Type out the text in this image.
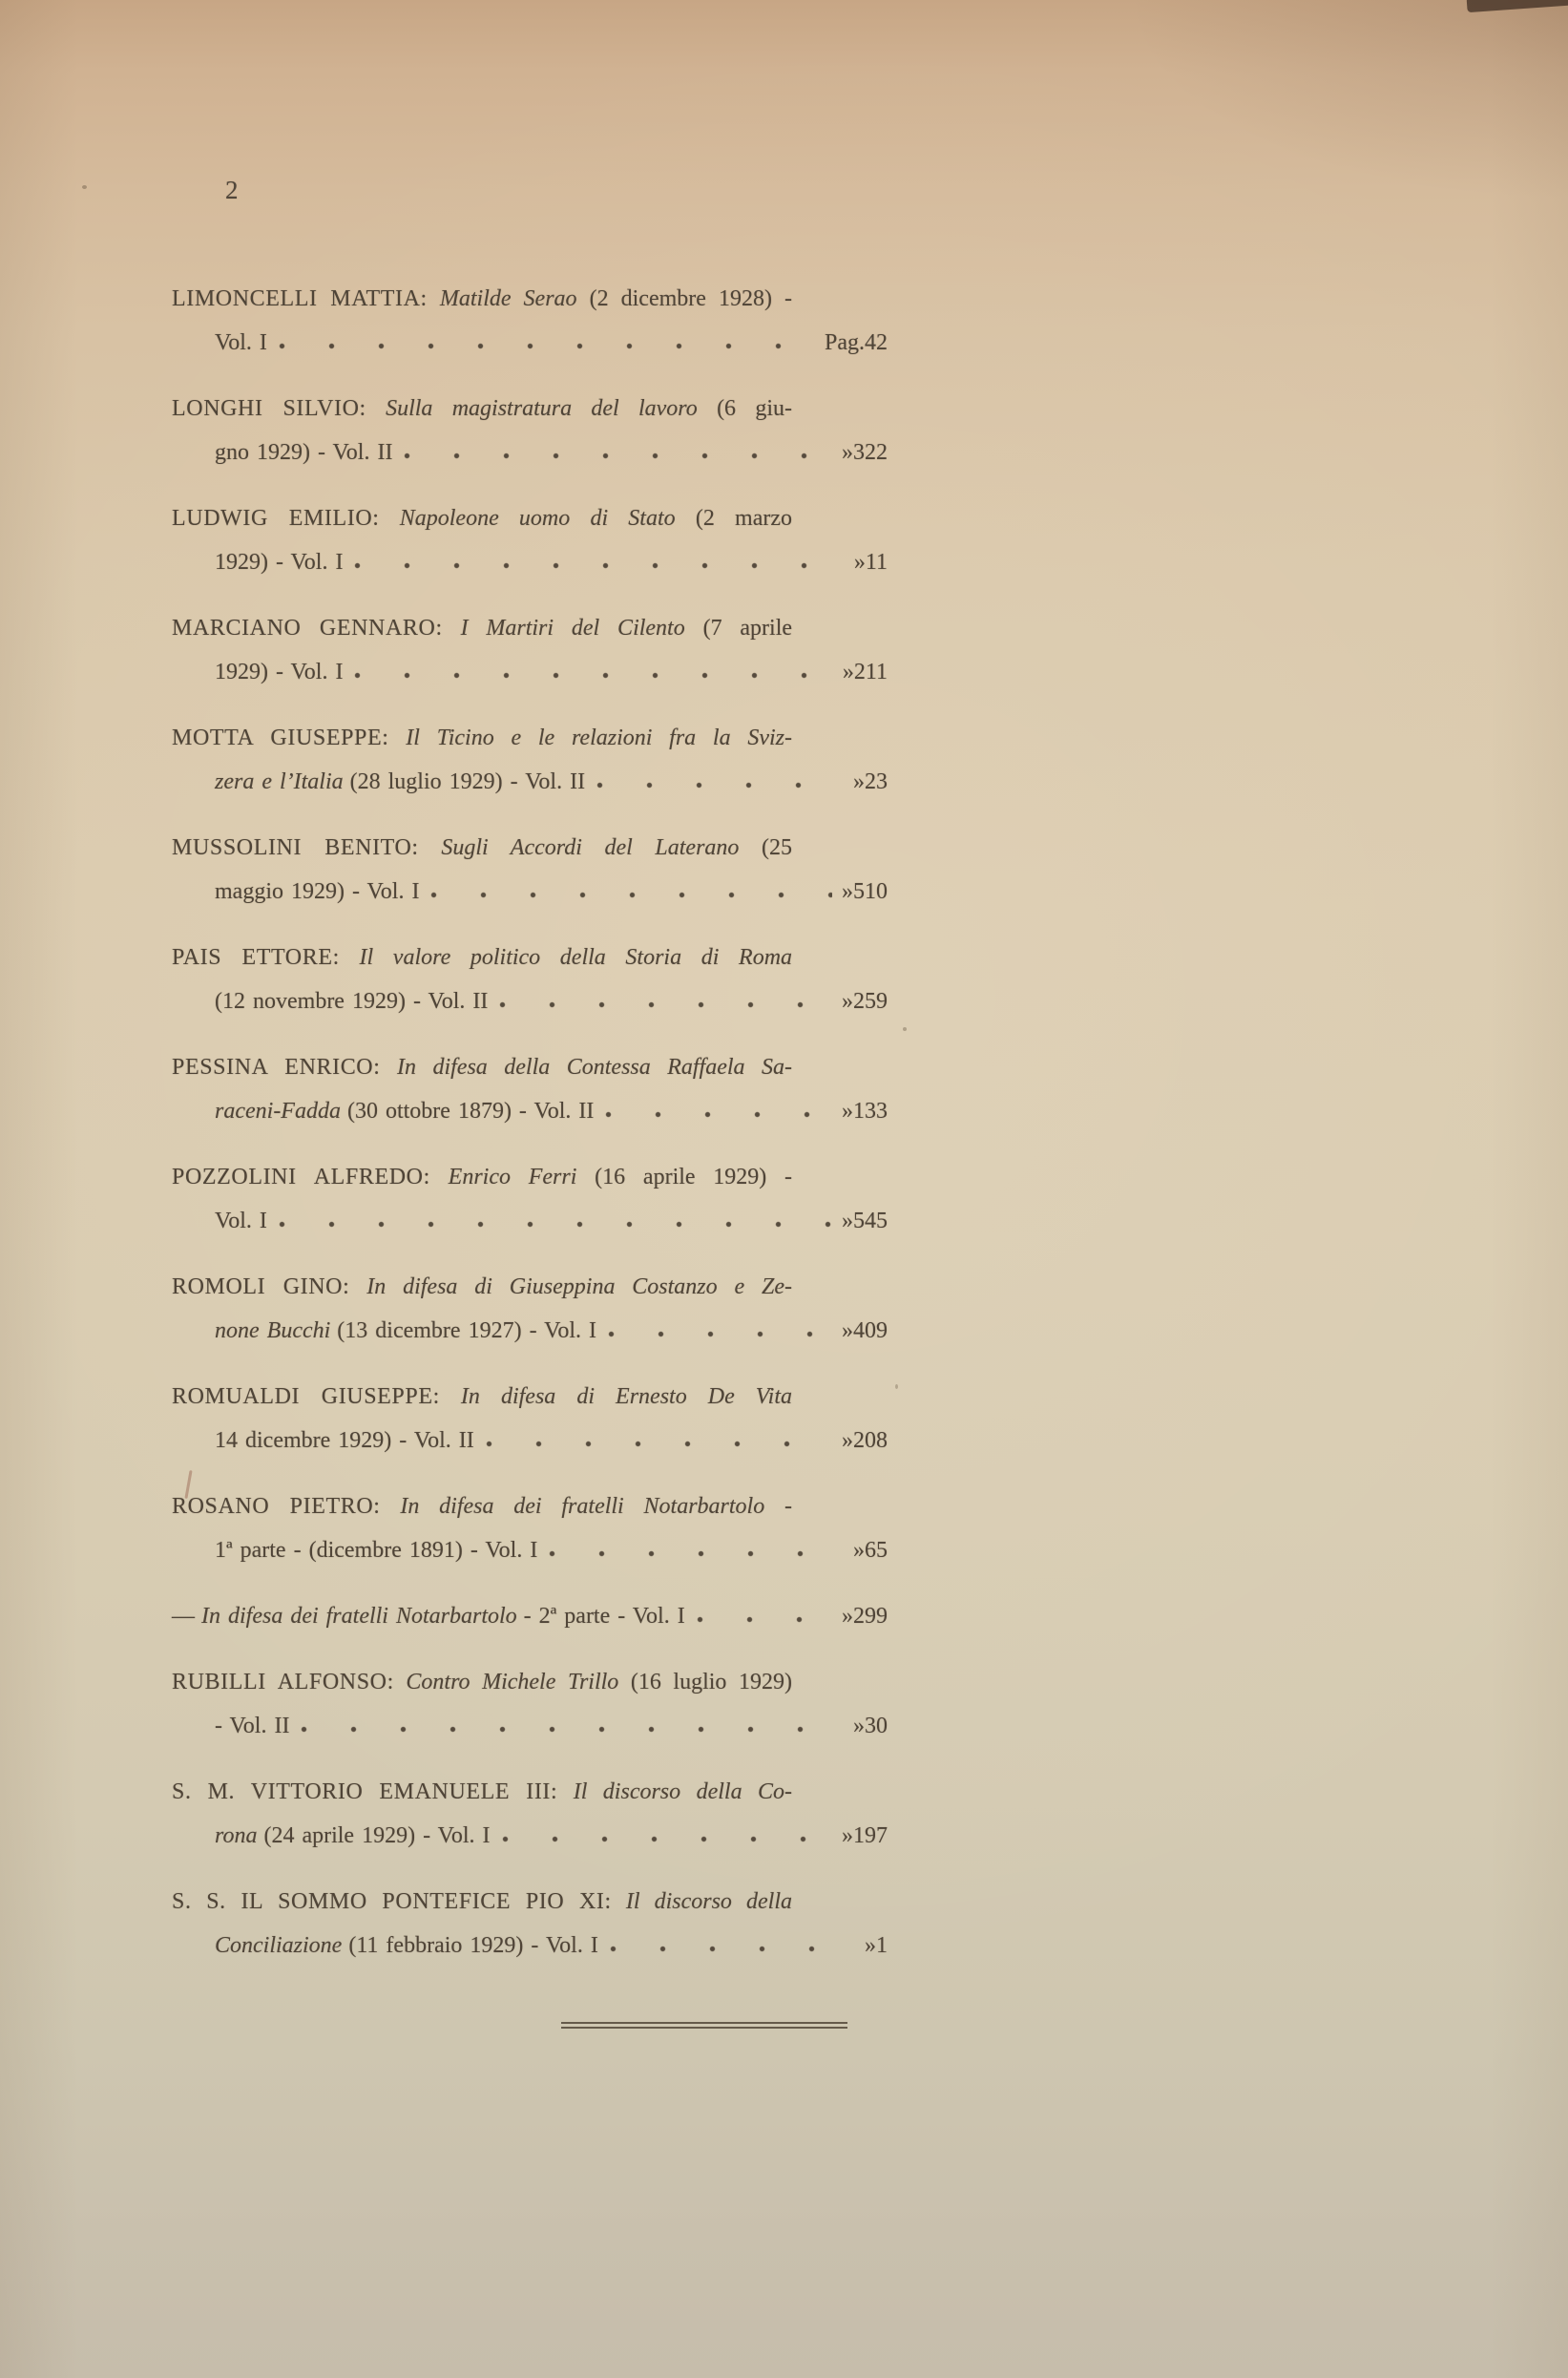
2
LIMONCELLI MATTIA: Matilde Serao (2 dicembre 1928) -
Vol. I	Pag. 42
LONGHI SILVIO: Sulla magistratura del lavoro (6 giu-
gno 1929) - Vol. II	» 322
LUDWIG EMILIO: Napoleone uomo di Stato (2 marzo
1929) - Vol. I	» 11
MARCIANO GENNARO: I Martiri del Cilento (7 aprile
1929) - Vol. I	» 211
MOTTA GIUSEPPE: Il Ticino e le relazioni fra la Sviz-
zera e l’Italia (28 luglio 1929) - Vol. II	» 23
MUSSOLINI BENITO: Sugli Accordi del Laterano (25
maggio 1929) - Vol. I	» 510
PAIS ETTORE: Il valore politico della Storia di Roma
(12 novembre 1929) - Vol. II	» 259
PESSINA ENRICO: In difesa della Contessa Raffaela Sa-
raceni-Fadda (30 ottobre 1879) - Vol. II	» 133
POZZOLINI ALFREDO: Enrico Ferri (16 aprile 1929) -
Vol. I	» 545
ROMOLI GINO: In difesa di Giuseppina Costanzo e Ze-
none Bucchi (13 dicembre 1927) - Vol. I	» 409
ROMUALDI GIUSEPPE: In difesa di Ernesto De Vita
14 dicembre 1929) - Vol. II	» 208
ROSANO PIETRO: In difesa dei fratelli Notarbartolo -
1ª parte - (dicembre 1891) - Vol. I	» 65
— In difesa dei fratelli Notarbartolo - 2ª parte - Vol. I	» 299
RUBILLI ALFONSO: Contro Michele Trillo (16 luglio 1929)
- Vol. II	» 30
S. M. VITTORIO EMANUELE III: Il discorso della Co-
rona (24 aprile 1929) - Vol. I	» 197
S. S. IL SOMMO PONTEFICE PIO XI: Il discorso della
Conciliazione (11 febbraio 1929) - Vol. I	» 1
